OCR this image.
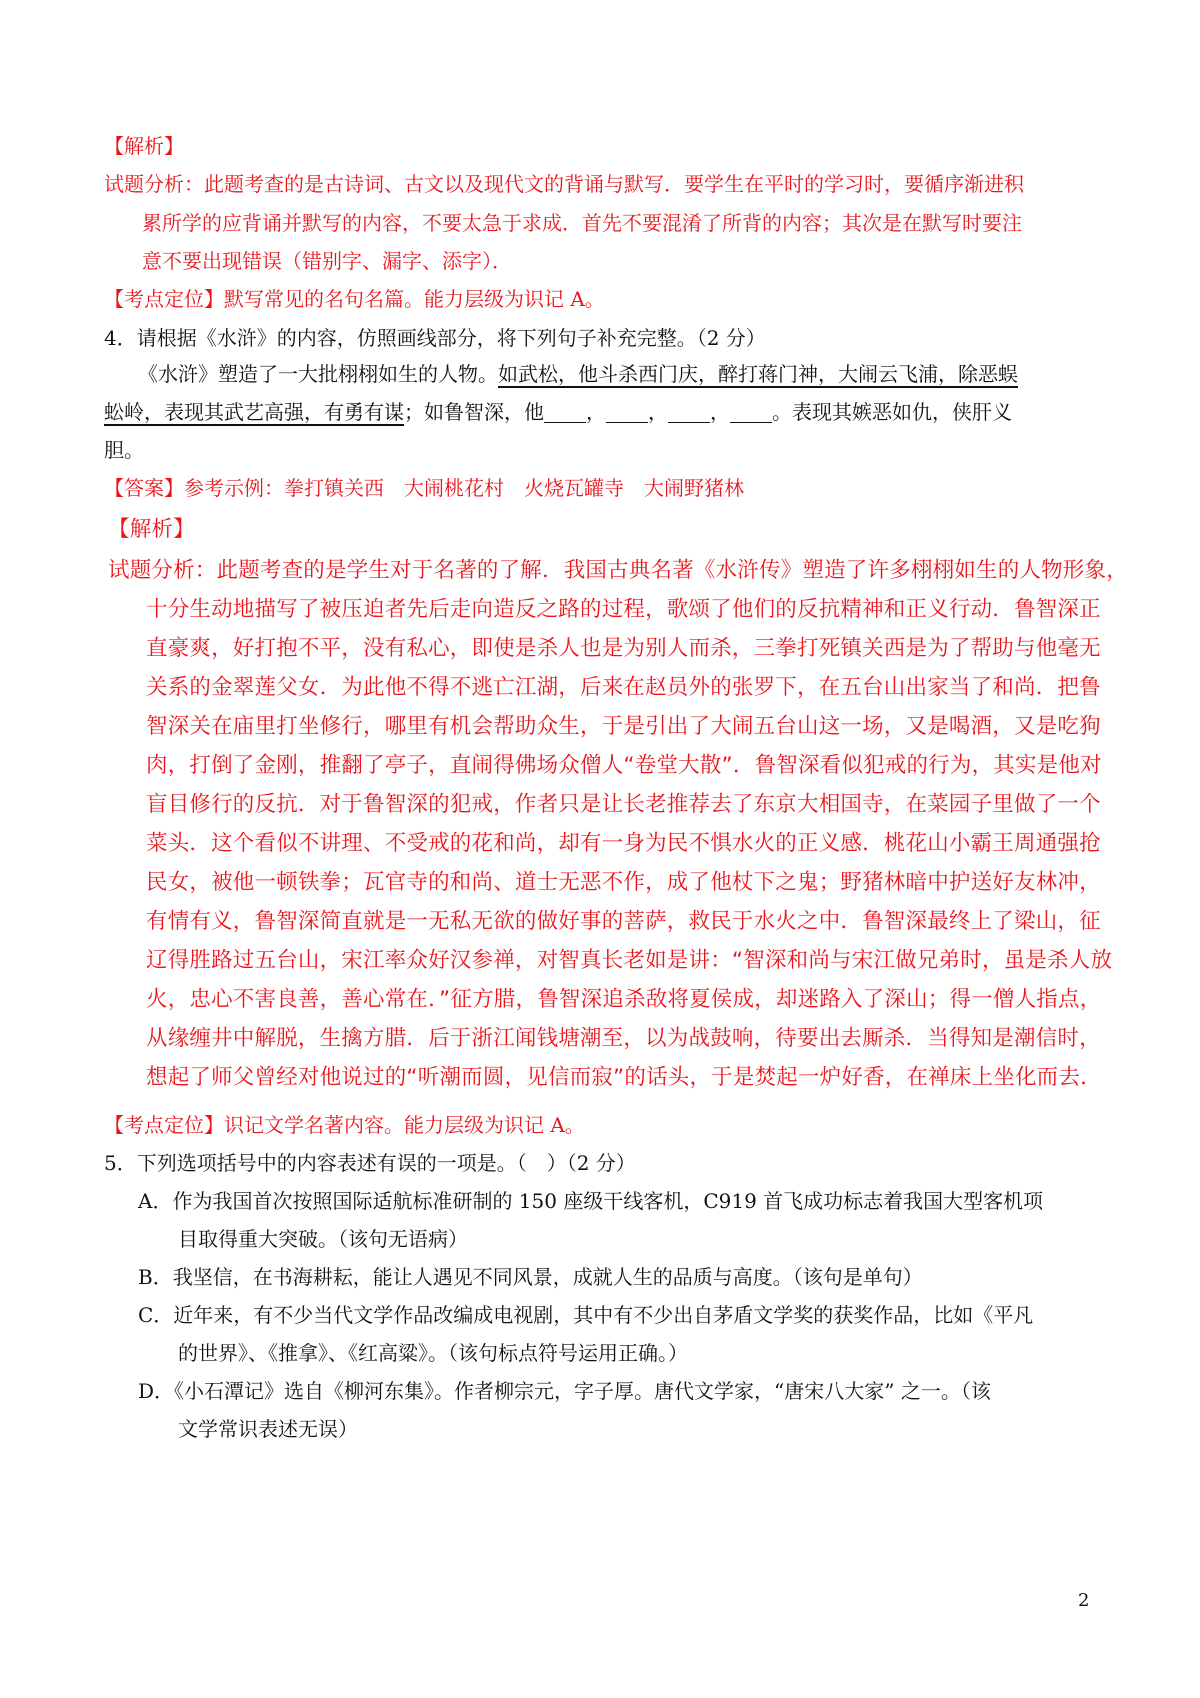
【解析】
试题分析：此题考查的是古诗词、古文以及现代文的背诵与默写．要学生在平时的学习时，要循序渐进积
累所学的应背诵并默写的内容，不要太急于求成．首先不要混淆了所背的内容；其次是在默写时要注
意不要出现错误（错别字、漏字、添字）．
【考点定位】默写常见的名句名篇。能力层级为识记 A。
4．请根据《水浒》的内容，仿照画线部分，将下列句子补充完整。（2 分）
《水浒》塑造了一大批栩栩如生的人物。如武松，他斗杀西门庆，醉打蒋门神，大闹云飞浦，除恶蜈
蚣岭，表现其武艺高强，有勇有谋；如鲁智深，他 ， ， ， 。表现其嫉恶如仇，侠肝义
胆。
【答案】参考示例：拳打镇关西　大闹桃花村　火烧瓦罐寺　大闹野猪林
【解析】
试题分析：此题考查的是学生对于名著的了解．我国古典名著《水浒传》塑造了许多栩栩如生的人物形象，
十分生动地描写了被压迫者先后走向造反之路的过程，歌颂了他们的反抗精神和正义行动．鲁智深正
直豪爽，好打抱不平，没有私心，即使是杀人也是为别人而杀，三拳打死镇关西是为了帮助与他毫无
关系的金翠莲父女．为此他不得不逃亡江湖，后来在赵员外的张罗下，在五台山出家当了和尚．把鲁
智深关在庙里打坐修行，哪里有机会帮助众生，于是引出了大闹五台山这一场，又是喝酒，又是吃狗
肉，打倒了金刚，推翻了亭子，直闹得佛场众僧人“卷堂大散”．鲁智深看似犯戒的行为，其实是他对
盲目修行的反抗．对于鲁智深的犯戒，作者只是让长老推荐去了东京大相国寺，在菜园子里做了一个
菜头．这个看似不讲理、不受戒的花和尚，却有一身为民不惧水火的正义感．桃花山小霸王周通强抢
民女，被他一顿铁拳；瓦官寺的和尚、道士无恶不作，成了他杖下之鬼；野猪林暗中护送好友林冲，
有情有义，鲁智深简直就是一无私无欲的做好事的菩萨，救民于水火之中．鲁智深最终上了梁山，征
辽得胜路过五台山，宋江率众好汉参禅，对智真长老如是讲：“智深和尚与宋江做兄弟时，虽是杀人放
火，忠心不害良善，善心常在．”征方腊，鲁智深追杀敌将夏侯成，却迷路入了深山；得一僧人指点，
从缘缠井中解脱，生擒方腊．后于浙江闻钱塘潮至，以为战鼓响，待要出去厮杀．当得知是潮信时，
想起了师父曾经对他说过的“听潮而圆，见信而寂”的话头，于是焚起一炉好香，在禅床上坐化而去．
【考点定位】识记文学名著内容。能力层级为识记 A。
5．下列选项括号中的内容表述有误的一项是。（　）（2 分）
A．作为我国首次按照国际适航标准研制的 150 座级干线客机，C919 首飞成功标志着我国大型客机项
目取得重大突破。（该句无语病）
B．我坚信，在书海耕耘，能让人遇见不同风景，成就人生的品质与高度。（该句是单句）
C．近年来，有不少当代文学作品改编成电视剧，其中有不少出自茅盾文学奖的获奖作品，比如《平凡
的世界》、《推拿》、《红高粱》。（该句标点符号运用正确。）
D．《小石潭记》选自《柳河东集》。作者柳宗元，字子厚。唐代文学家，“唐宋八大家” 之一。（该
文学常识表述无误）
2
